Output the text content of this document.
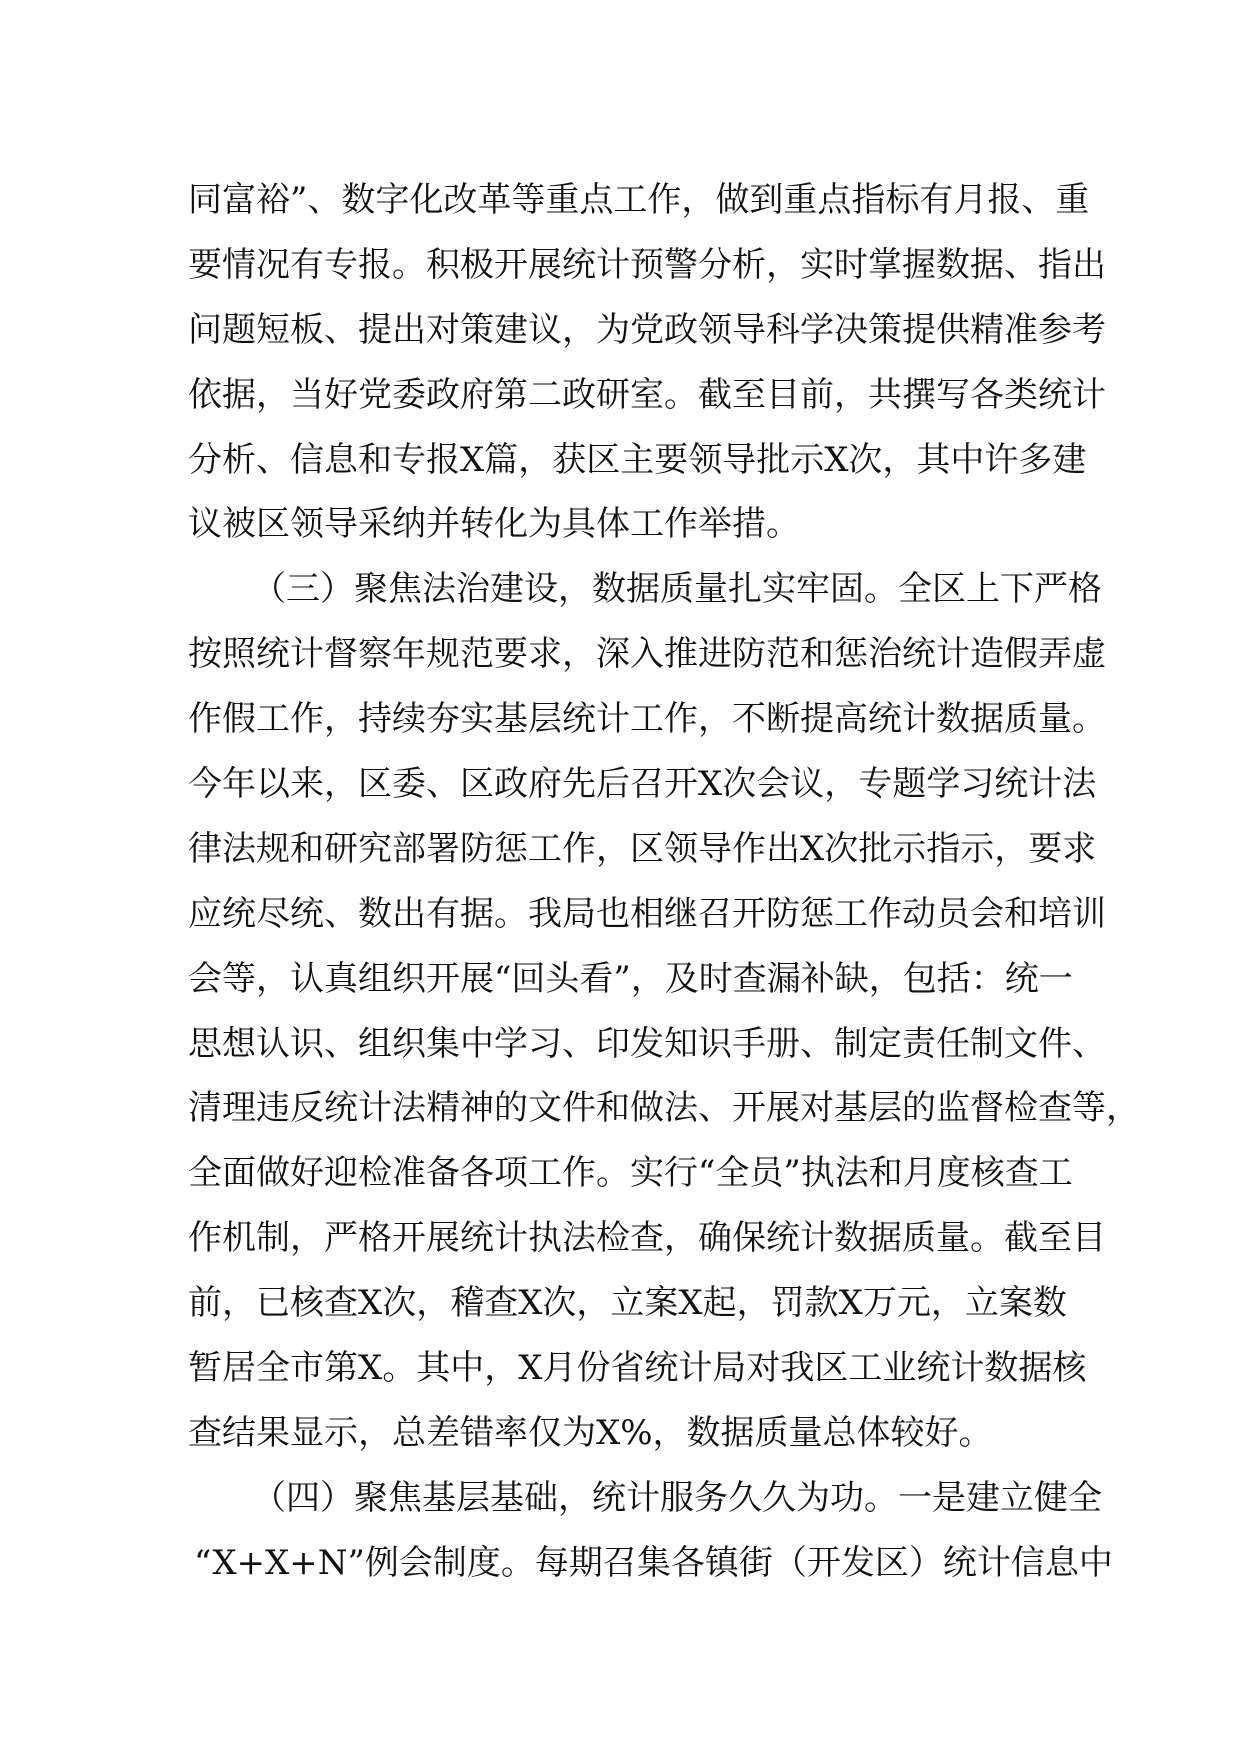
同富裕”、数字化改革等重点工作，做到重点指标有月报、重
要情况有专报。积极开展统计预警分析，实时掌握数据、指出
问题短板、提出对策建议，为党政领导科学决策提供精准参考
依据，当好党委政府第二政研室。截至目前，共撰写各类统计
分析、信息和专报X篇，获区主要领导批示X次，其中许多建
议被区领导采纳并转化为具体工作举措。
（三）聚焦法治建设，数据质量扎实牢固。全区上下严格
按照统计督察年规范要求，深入推进防范和惩治统计造假弄虚
作假工作，持续夯实基层统计工作，不断提高统计数据质量。
今年以来，区委、区政府先后召开X次会议，专题学习统计法
律法规和研究部署防惩工作，区领导作出X次批示指示，要求
应统尽统、数出有据。我局也相继召开防惩工作动员会和培训
会等，认真组织开展“回头看”，及时查漏补缺，包括：统一
思想认识、组织集中学习、印发知识手册、制定责任制文件、
清理违反统计法精神的文件和做法、开展对基层的监督检查等，
全面做好迎检准备各项工作。实行“全员”执法和月度核查工
作机制，严格开展统计执法检查，确保统计数据质量。截至目
前，已核查X次，稽查X次，立案X起，罚款X万元，立案数
暂居全市第X。其中，X月份省统计局对我区工业统计数据核
查结果显示，总差错率仅为X%，数据质量总体较好。
（四）聚焦基层基础，统计服务久久为功。一是建立健全
“X+X+N”例会制度。每期召集各镇街（开发区）统计信息中
